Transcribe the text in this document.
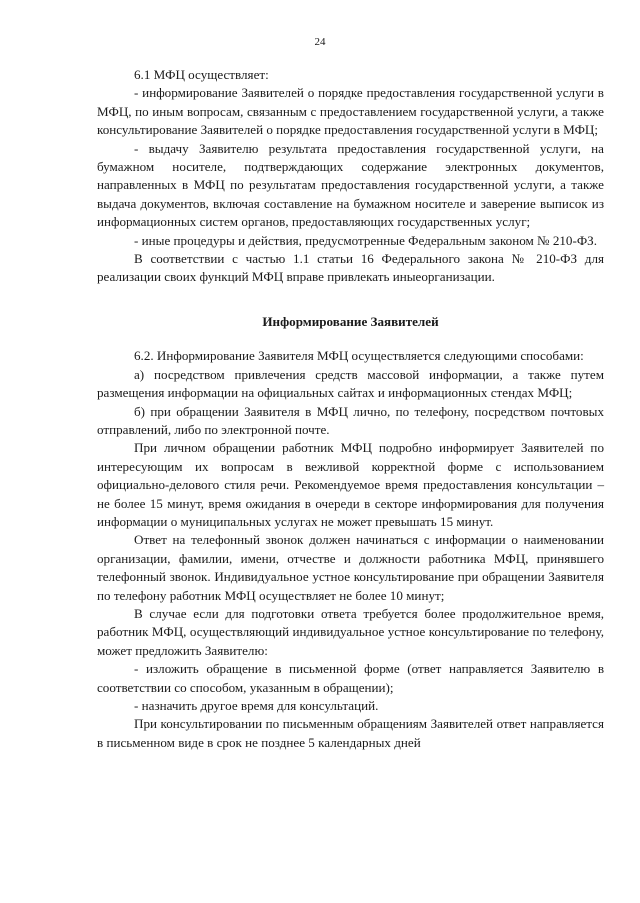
24

6.1 МФЦ осуществляет:

- информирование Заявителей о порядке предоставления государственной услуги в МФЦ, по иным вопросам, связанным с предоставлением государственной услуги, а также консультирование Заявителей о порядке предоставления государственной услуги в МФЦ;

- выдачу Заявителю результата предоставления государственной услуги, на бумажном носителе, подтверждающих содержание электронных документов, направленных в МФЦ по результатам предоставления государственной услуги, а также выдача документов, включая составление на бумажном носителе и заверение выписок из информационных систем органов, предоставляющих государственных услуг;

- иные процедуры и действия, предусмотренные Федеральным законом № 210-ФЗ.

В соответствии с частью 1.1 статьи 16 Федерального закона № 210-ФЗ для реализации своих функций МФЦ вправе привлекать иныеорганизации.

Информирование Заявителей

6.2. Информирование Заявителя МФЦ осуществляется следующими способами:

а) посредством привлечения средств массовой информации, а также путем размещения информации на официальных сайтах и информационных стендах МФЦ;

б) при обращении Заявителя в МФЦ лично, по телефону, посредством почтовых отправлений, либо по электронной почте.

При личном обращении работник МФЦ подробно информирует Заявителей по интересующим их вопросам в вежливой корректной форме с использованием официально-делового стиля речи. Рекомендуемое время предоставления консультации – не более 15 минут, время ожидания в очереди в секторе информирования для получения информации о муниципальных услугах не может превышать 15 минут.

Ответ на телефонный звонок должен начинаться с информации о наименовании организации, фамилии, имени, отчестве и должности работника МФЦ, принявшего телефонный звонок. Индивидуальное устное консультирование при обращении Заявителя по телефону работник МФЦ осуществляет не более 10 минут;

В случае если для подготовки ответа требуется более продолжительное время, работник МФЦ, осуществляющий индивидуальное устное консультирование по телефону, может предложить Заявителю:

- изложить обращение в письменной форме (ответ направляется Заявителю в соответствии со способом, указанным в обращении);

- назначить другое время для консультаций.

При консультировании по письменным обращениям Заявителей ответ направляется в письменном виде в срок не позднее 5 календарных дней
